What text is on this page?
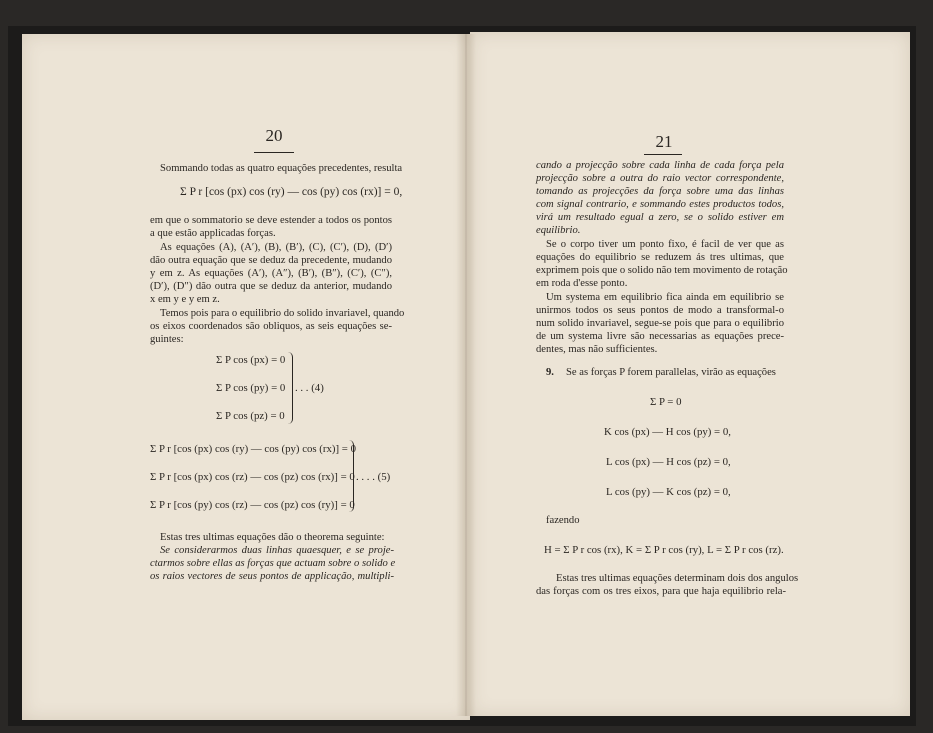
20
Sommando todas as quatro equações precedentes, resulta
Σ P r [cos (px) cos (ry) — cos (py) cos (rx)] = 0,
em que o sommatorio se deve estender a todos os pontos
a que estão applicadas forças.
As equações (A), (A′), (B), (B′), (C), (C′), (D), (D′)
dão outra equação que se deduz da precedente, mudando
y em z. As equações (A′), (A″), (B′), (B″), (C′), (C″),
(D′), (D″) dão outra que se deduz da anterior, mudando
x em y e y em z.
Temos pois para o equilibrio do solido invariavel, quando
os eixos coordenados são obliquos, as seis equações se-
guintes:
Σ P cos (px) = 0
Σ P cos (py) = 0
Σ P cos (pz) = 0
. . . (4)
Σ P r [cos (px) cos (ry) — cos (py) cos (rx)] = 0
Σ P r [cos (px) cos (rz) — cos (pz) cos (rx)] = 0
Σ P r [cos (py) cos (rz) — cos (pz) cos (ry)] = 0
. . . . (5)
Estas tres ultimas equações dão o theorema seguinte:
Se considerarmos duas linhas quaesquer, e se proje-
ctarmos sobre ellas as forças que actuam sobre o solido e
os raios vectores de seus pontos de applicação, multipli-
21
cando a projecção sobre cada linha de cada força pela
projecção sobre a outra do raio vector correspondente,
tomando as projecções da força sobre uma das linhas
com signal contrario, e sommando estes productos todos,
virá um resultado egual a zero, se o solido estiver em
equilibrio.
Se o corpo tiver um ponto fixo, é facil de ver que as
equações do equilibrio se reduzem ás tres ultimas, que
exprimem pois que o solido não tem movimento de rotação
em roda d'esse ponto.
Um systema em equilibrio fica ainda em equilibrio se
unirmos todos os seus pontos de modo a transformal-o
num solido invariavel, segue-se pois que para o equilibrio
de um systema livre são necessarias as equações prece-
dentes, mas não sufficientes.
9. Se as forças P forem parallelas, virão as equações
Σ P = 0
K cos (px) — H cos (py) = 0,
L cos (px) — H cos (pz) = 0,
L cos (py) — K cos (pz) = 0,
fazendo
H = Σ P r cos (rx), K = Σ P r cos (ry), L = Σ P r cos (rz).
Estas tres ultimas equações determinam dois dos angulos
das forças com os tres eixos, para que haja equilibrio rela-
